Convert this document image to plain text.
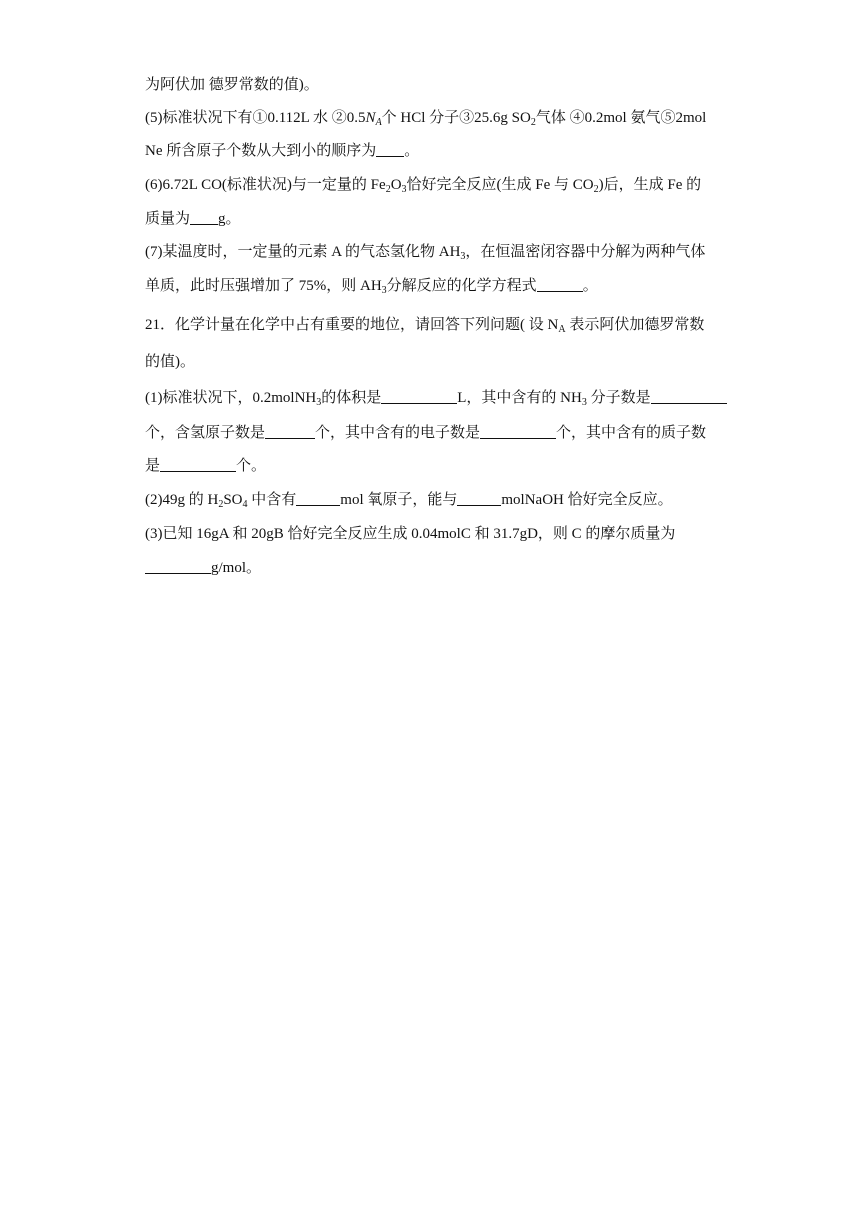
为阿伏加 德罗常数的值)。
(5)标准状况下有①0.112L 水 $②0.5N_A$个 HCl 分子③25.6g $SO_2$气体 ④0.2mol 氨气⑤2mol
Ne 所含原子个数从大到小的顺序为 。
(6)6.72L CO(标准状况)与一定量的 $Fe_2O_3$恰好完全反应(生成 Fe 与 $CO_2$)后，生成 Fe 的
质量为 g。
(7)某温度时，一定量的元素 A 的气态氢化物 $AH_3$，在恒温密闭容器中分解为两种气体
单质，此时压强增加了 75%，则 $AH_3$分解反应的化学方程式	。
21．化学计量在化学中占有重要的地位，请回答下列问题( 设 $N_A$ 表示阿伏加德罗常数
的值)。
(1)标准状况下，0.2molNH$_3$的体积是	L，其中含有的 $NH_3$ 分子数是
个，含氢原子数是	个，其中含有的电子数是	个，其中含有的质子数
是	个。
(2)49g 的 $H_2SO_4$ 中含有	mol 氧原子，能与	molNaOH 恰好完全反应。
(3)已知 16gA 和 20gB 恰好完全反应生成 0.04molC 和 31.7gD，则 C 的摩尔质量为
g/mol。
